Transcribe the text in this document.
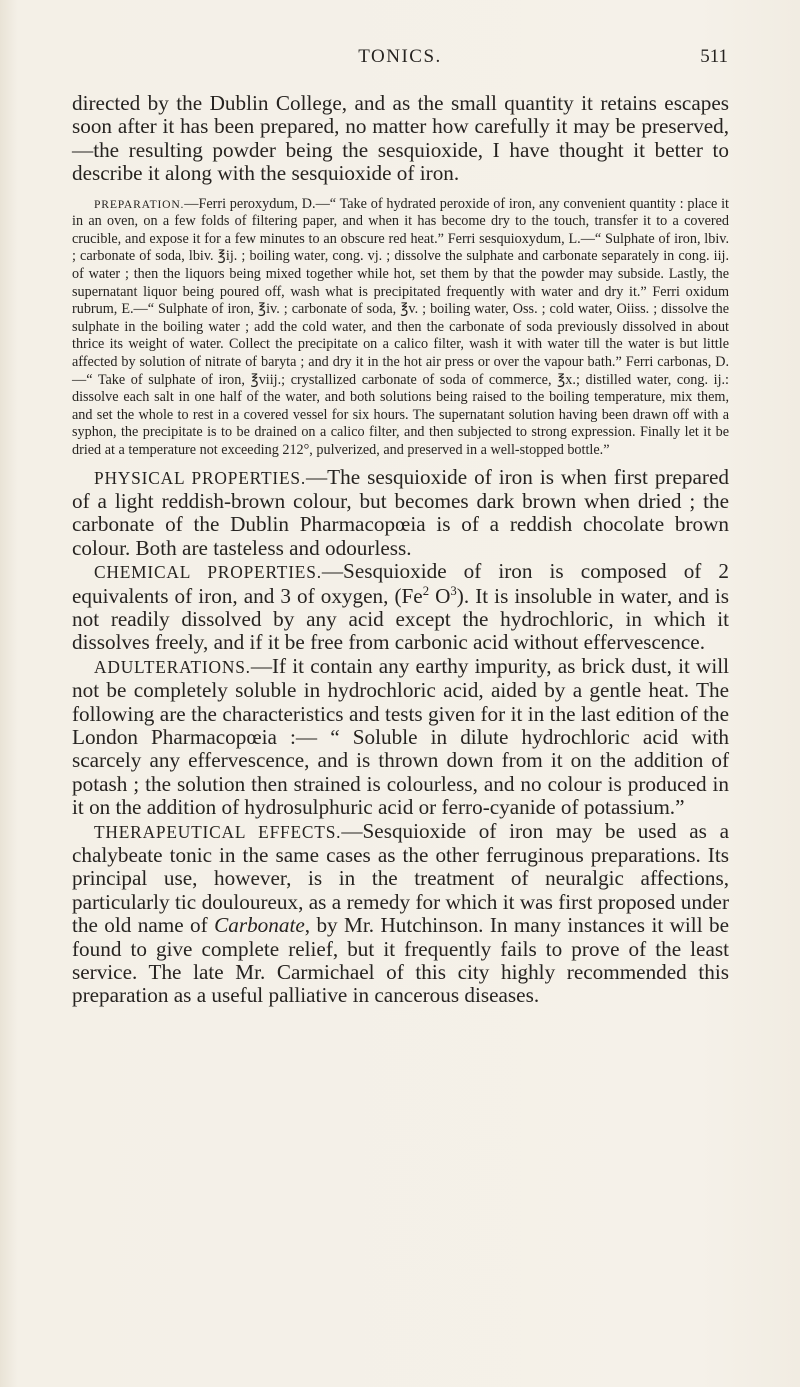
TONICS.	511

directed by the Dublin College, and as the small quantity it retains escapes soon after it has been prepared, no matter how carefully it may be preserved,—the resulting powder being the sesquioxide, I have thought it better to describe it along with the sesquioxide of iron.

PREPARATION.—Ferri peroxydum, D.—“ Take of hydrated peroxide of iron, any convenient quantity : place it in an oven, on a few folds of filtering paper, and when it has become dry to the touch, transfer it to a covered crucible, and expose it for a few minutes to an obscure red heat.” Ferri sesquioxydum, L.—“ Sulphate of iron, lbiv. ; carbonate of soda, lbiv. ℥ij. ; boiling water, cong. vj. ; dissolve the sulphate and carbonate separately in cong. iij. of water ; then the liquors being mixed together while hot, set them by that the powder may subside. Lastly, the supernatant liquor being poured off, wash what is precipitated frequently with water and dry it.” Ferri oxidum rubrum, E.—“ Sulphate of iron, ℥iv. ; carbonate of soda, ℥v. ; boiling water, Oss. ; cold water, Oiiss. ; dissolve the sulphate in the boiling water ; add the cold water, and then the carbonate of soda previously dissolved in about thrice its weight of water. Collect the precipitate on a calico filter, wash it with water till the water is but little affected by solution of nitrate of baryta ; and dry it in the hot air press or over the vapour bath.” Ferri carbonas, D.—“ Take of sulphate of iron, ℥viij.; crystallized carbonate of soda of commerce, ℥x.; distilled water, cong. ij.: dissolve each salt in one half of the water, and both solutions being raised to the boiling temperature, mix them, and set the whole to rest in a covered vessel for six hours. The supernatant solution having been drawn off with a syphon, the precipitate is to be drained on a calico filter, and then subjected to strong expression. Finally let it be dried at a temperature not exceeding 212°, pulverized, and preserved in a well-stopped bottle.”

PHYSICAL PROPERTIES.—The sesquioxide of iron is when first prepared of a light reddish-brown colour, but becomes dark brown when dried ; the carbonate of the Dublin Pharmacopœia is of a reddish chocolate brown colour. Both are tasteless and odourless.

CHEMICAL PROPERTIES.—Sesquioxide of iron is composed of 2 equivalents of iron, and 3 of oxygen, (Fe$^2$ $O^3$). It is insoluble in water, and is not readily dissolved by any acid except the hydrochloric, in which it dissolves freely, and if it be free from carbonic acid without effervescence.

ADULTERATIONS.—If it contain any earthy impurity, as brick dust, it will not be completely soluble in hydrochloric acid, aided by a gentle heat. The following are the characteristics and tests given for it in the last edition of the London Pharmacopœia :— “ Soluble in dilute hydrochloric acid with scarcely any effervescence, and is thrown down from it on the addition of potash ; the solution then strained is colourless, and no colour is produced in it on the addition of hydrosulphuric acid or ferro-cyanide of potassium.”

THERAPEUTICAL EFFECTS.—Sesquioxide of iron may be used as a chalybeate tonic in the same cases as the other ferruginous preparations. Its principal use, however, is in the treatment of neuralgic affections, particularly tic douloureux, as a remedy for which it was first proposed under the old name of Carbonate, by Mr. Hutchinson. In many instances it will be found to give complete relief, but it frequently fails to prove of the least service. The late Mr. Carmichael of this city highly recommended this preparation as a useful palliative in cancerous diseases.
